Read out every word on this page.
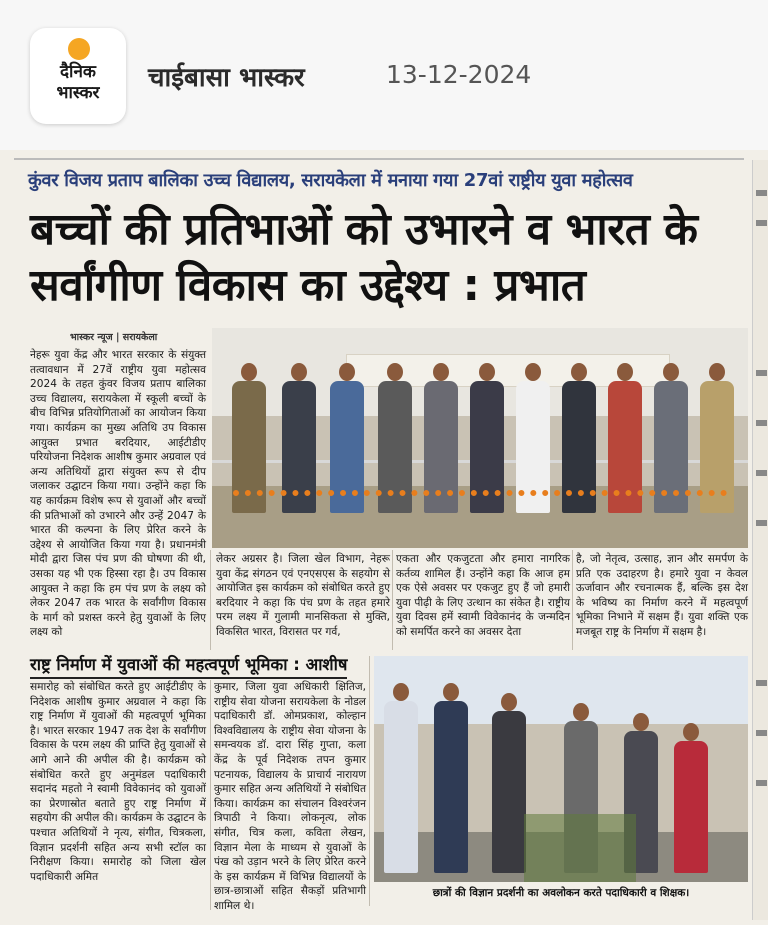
दैनिक
भास्कर	चाईबासा भास्कर	13-12-2024
कुंवर विजय प्रताप बालिका उच्च विद्यालय, सरायकेला में मनाया गया 27वां राष्ट्रीय युवा महोत्सव
बच्चों की प्रतिभाओं को उभारने व भारत के सर्वांगीण विकास का उद्देश्य : प्रभात
भास्कर न्यूज | सरायकेला
नेहरू युवा केंद्र और भारत सरकार के संयुक्त तत्वावधान में 27वें राष्ट्रीय युवा महोत्सव 2024 के तहत कुंवर विजय प्रताप बालिका उच्च विद्यालय, सरायकेला में स्कूली बच्चों के बीच विभिन्न प्रतियोगिताओं का आयोजन किया गया। कार्यक्रम का मुख्य अतिथि उप विकास आयुक्त प्रभात बरदियार, आईटीडीए परियोजना निदेशक आशीष कुमार अग्रवाल एवं अन्य अतिथियों द्वारा संयुक्त रूप से दीप जलाकर उद्घाटन किया गया। उन्होंने कहा कि यह कार्यक्रम विशेष रूप से युवाओं और बच्चों की प्रतिभाओं को उभारने और उन्हें 2047 के भारत की कल्पना के लिए प्रेरित करने के उद्देश्य से आयोजित किया गया है। प्रधानमंत्री मोदी द्वारा जिस पंच प्रण की घोषणा की थी, उसका यह भी एक हिस्सा रहा है। उप विकास आयुक्त ने कहा कि हम पंच प्रण के लक्ष्य को लेकर 2047 तक भारत के सर्वांगीण विकास के मार्ग को प्रशस्त करने हेतु युवाओं के लिए लक्ष्य को
लेकर अग्रसर है। जिला खेल विभाग, नेहरू युवा केंद्र संगठन एवं एनएसएस के सहयोग से आयोजित इस कार्यक्रम को संबोधित करते हुए बरदियार ने कहा कि पंच प्रण के तहत हमारे परम लक्ष्य में गुलामी मानसिकता से मुक्ति, विकसित भारत, विरासत पर गर्व,
एकता और एकजुटता और हमारा नागरिक कर्तव्य शामिल हैं। उन्होंने कहा कि आज हम एक ऐसे अवसर पर एकजुट हुए हैं जो हमारी युवा पीढ़ी के लिए उत्थान का संकेत है। राष्ट्रीय युवा दिवस हमें स्वामी विवेकानंद के जन्मदिन को समर्पित करने का अवसर देता
है, जो नेतृत्व, उत्साह, ज्ञान और समर्पण के प्रति एक उदाहरण है। हमारे युवा न केवल ऊर्जावान और रचनात्मक हैं, बल्कि इस देश के भविष्य का निर्माण करने में महत्वपूर्ण भूमिका निभाने में सक्षम हैं। युवा शक्ति एक मजबूत राष्ट्र के निर्माण में सक्षम है।
राष्ट्र निर्माण में युवाओं की महत्वपूर्ण भूमिका : आशीष
समारोह को संबोधित करते हुए आईटीडीए के निदेशक आशीष कुमार अग्रवाल ने कहा कि राष्ट्र निर्माण में युवाओं की महत्वपूर्ण भूमिका है। भारत सरकार 1947 तक देश के सर्वांगीण विकास के परम लक्ष्य की प्राप्ति हेतु युवाओं से आगे आने की अपील की है। कार्यक्रम को संबोधित करते हुए अनुमंडल पदाधिकारी सदानंद महतो ने स्वामी विवेकानंद को युवाओं का प्रेरणास्रोत बताते हुए राष्ट्र निर्माण में सहयोग की अपील की। कार्यक्रम के उद्घाटन के पश्चात अतिथियों ने नृत्य, संगीत, चित्रकला, विज्ञान प्रदर्शनी सहित अन्य सभी स्टॉल का निरीक्षण किया। समारोह को जिला खेल पदाधिकारी अमित
कुमार, जिला युवा अधिकारी क्षितिज, राष्ट्रीय सेवा योजना सरायकेला के नोडल पदाधिकारी डॉ. ओमप्रकाश, कोल्हान विश्वविद्यालय के राष्ट्रीय सेवा योजना के समन्वयक डॉ. दारा सिंह गुप्ता, कला केंद्र के पूर्व निदेशक तपन कुमार पटनायक, विद्यालय के प्राचार्य नारायण कुमार सहित अन्य अतिथियों ने संबोधित किया। कार्यक्रम का संचालन विश्वरंजन त्रिपाठी ने किया। लोकनृत्य, लोक संगीत, चित्र कला, कविता लेखन, विज्ञान मेला के माध्यम से युवाओं के पंख को उड़ान भरने के लिए प्रेरित करने के इस कार्यक्रम में विभिन्न विद्यालयों के छात्र-छात्राओं सहित सैकड़ों प्रतिभागी शामिल थे।
छात्रों की विज्ञान प्रदर्शनी का अवलोकन करते पदाधिकारी व शिक्षक।
